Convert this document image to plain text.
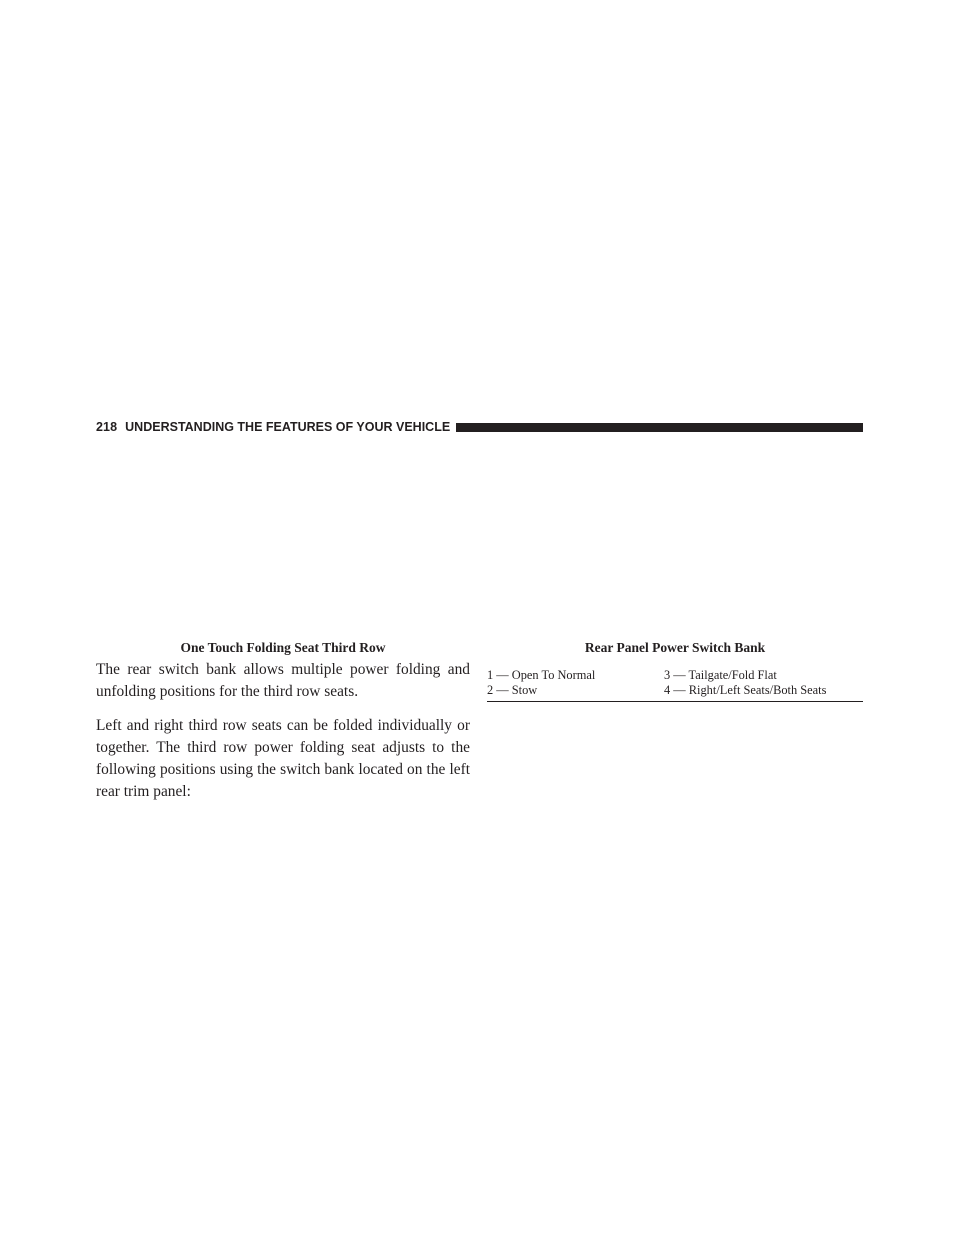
218 UNDERSTANDING THE FEATURES OF YOUR VEHICLE

One Touch Folding Seat Third Row

The rear switch bank allows multiple power folding and unfolding positions for the third row seats.

Left and right third row seats can be folded individually or together. The third row power folding seat adjusts to the following positions using the switch bank located on the left rear trim panel:

Rear Panel Power Switch Bank

1 — Open To Normal	3 — Tailgate/Fold Flat
2 — Stow	4 — Right/Left Seats/Both Seats
